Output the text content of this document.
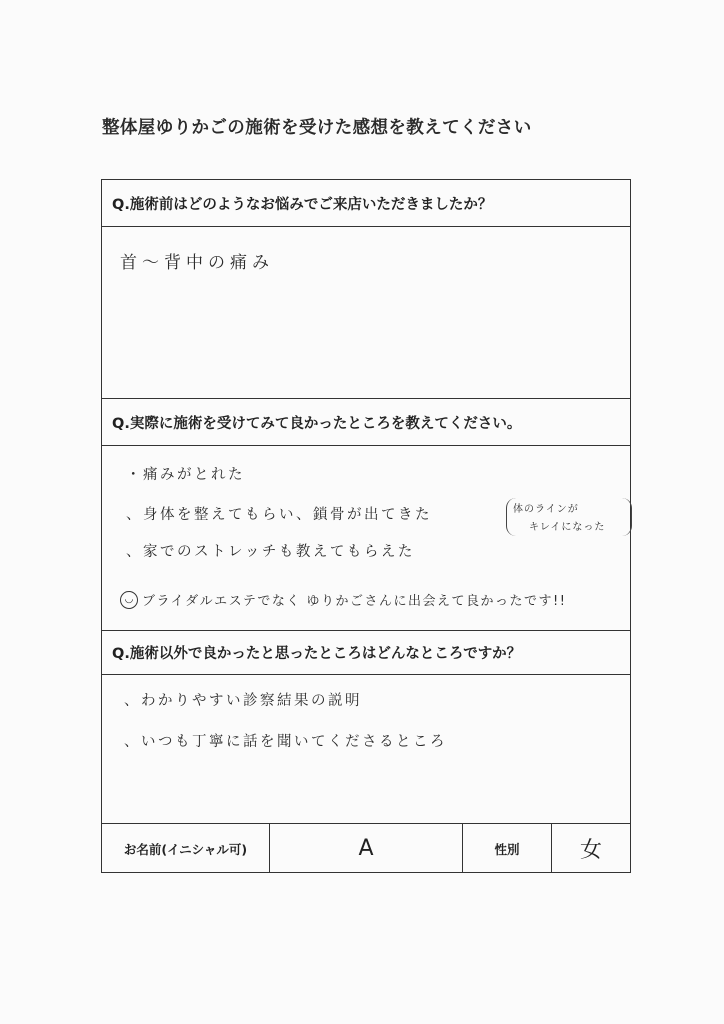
整体屋ゆりかごの施術を受けた感想を教えてください
Q.施術前はどのようなお悩みでご来店いただきましたか？
首～背中の痛み
Q.実際に施術を受けてみて良かったところを教えてください。
・痛みがとれた
、身体を整えてもらい、鎖骨が出てきた	体のラインが
キレイになった
、家でのストレッチも教えてもらえた
◡ ブライダルエステでなく ゆりかごさんに出会えて良かったです!!
Q.施術以外で良かったと思ったところはどんなところですか？
、わかりやすい診察結果の説明
、いつも丁寧に話を聞いてくださるところ
お名前(イニシャル可)	A	性別	女
